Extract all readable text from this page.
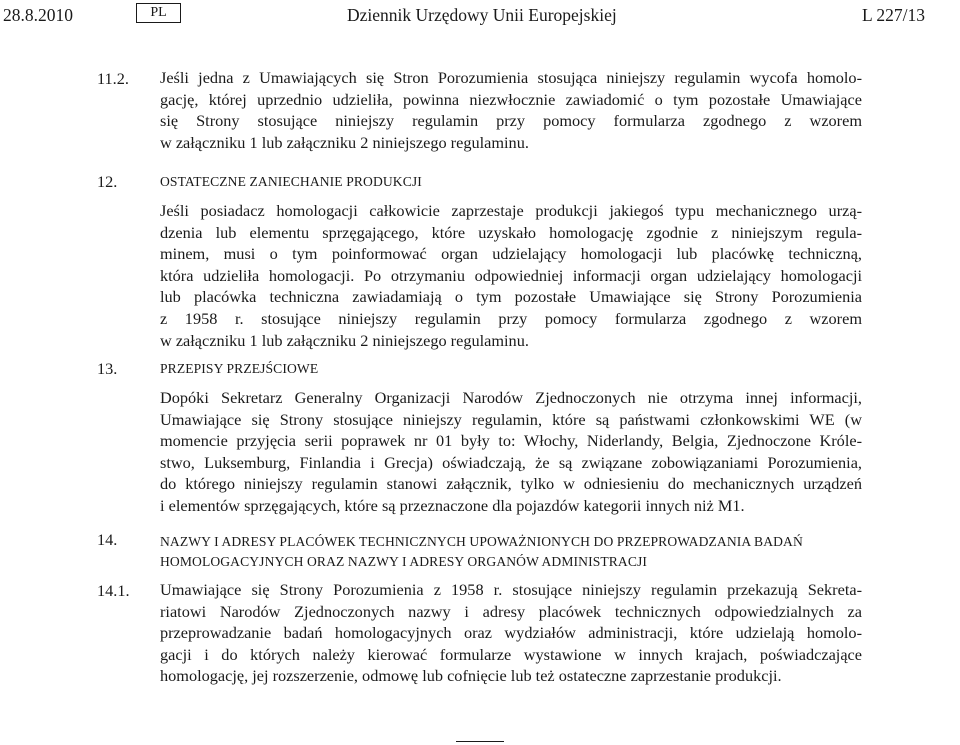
28.8.2010	PL	Dziennik Urzędowy Unii Europejskiej	L 227/13
11.2. Jeśli jedna z Umawiających się Stron Porozumienia stosująca niniejszy regulamin wycofa homolo-
gację, której uprzednio udzieliła, powinna niezwłocznie zawiadomić o tym pozostałe Umawiające
się Strony stosujące niniejszy regulamin przy pomocy formularza zgodnego z wzorem
w załączniku 1 lub załączniku 2 niniejszego regulaminu.
12.	OSTATECZNE ZANIECHANIE PRODUKCJI
Jeśli posiadacz homologacji całkowicie zaprzestaje produkcji jakiegoś typu mechanicznego urzą-
dzenia lub elementu sprzęgającego, które uzyskało homologację zgodnie z niniejszym regula-
minem, musi o tym poinformować organ udzielający homologacji lub placówkę techniczną,
która udzieliła homologacji. Po otrzymaniu odpowiedniej informacji organ udzielający homologacji
lub placówka techniczna zawiadamiają o tym pozostałe Umawiające się Strony Porozumienia
z 1958 r. stosujące niniejszy regulamin przy pomocy formularza zgodnego z wzorem
w załączniku 1 lub załączniku 2 niniejszego regulaminu.
13.	PRZEPISY PRZEJŚCIOWE
Dopóki Sekretarz Generalny Organizacji Narodów Zjednoczonych nie otrzyma innej informacji,
Umawiające się Strony stosujące niniejszy regulamin, które są państwami członkowskimi WE (w
momencie przyjęcia serii poprawek nr 01 były to: Włochy, Niderlandy, Belgia, Zjednoczone Króle-
stwo, Luksemburg, Finlandia i Grecja) oświadczają, że są związane zobowiązaniami Porozumienia,
do którego niniejszy regulamin stanowi załącznik, tylko w odniesieniu do mechanicznych urządzeń
i elementów sprzęgających, które są przeznaczone dla pojazdów kategorii innych niż M1.
14.	NAZWY I ADRESY PLACÓWEK TECHNICZNYCH UPOWAŻNIONYCH DO PRZEPROWADZANIA BADAŃ
HOMOLOGACYJNYCH ORAZ NAZWY I ADRESY ORGANÓW ADMINISTRACJI
14.1. Umawiające się Strony Porozumienia z 1958 r. stosujące niniejszy regulamin przekazują Sekreta-
riatowi Narodów Zjednoczonych nazwy i adresy placówek technicznych odpowiedzialnych za
przeprowadzanie badań homologacyjnych oraz wydziałów administracji, które udzielają homolo-
gacji i do których należy kierować formularze wystawione w innych krajach, poświadczające
homologację, jej rozszerzenie, odmowę lub cofnięcie lub też ostateczne zaprzestanie produkcji.
